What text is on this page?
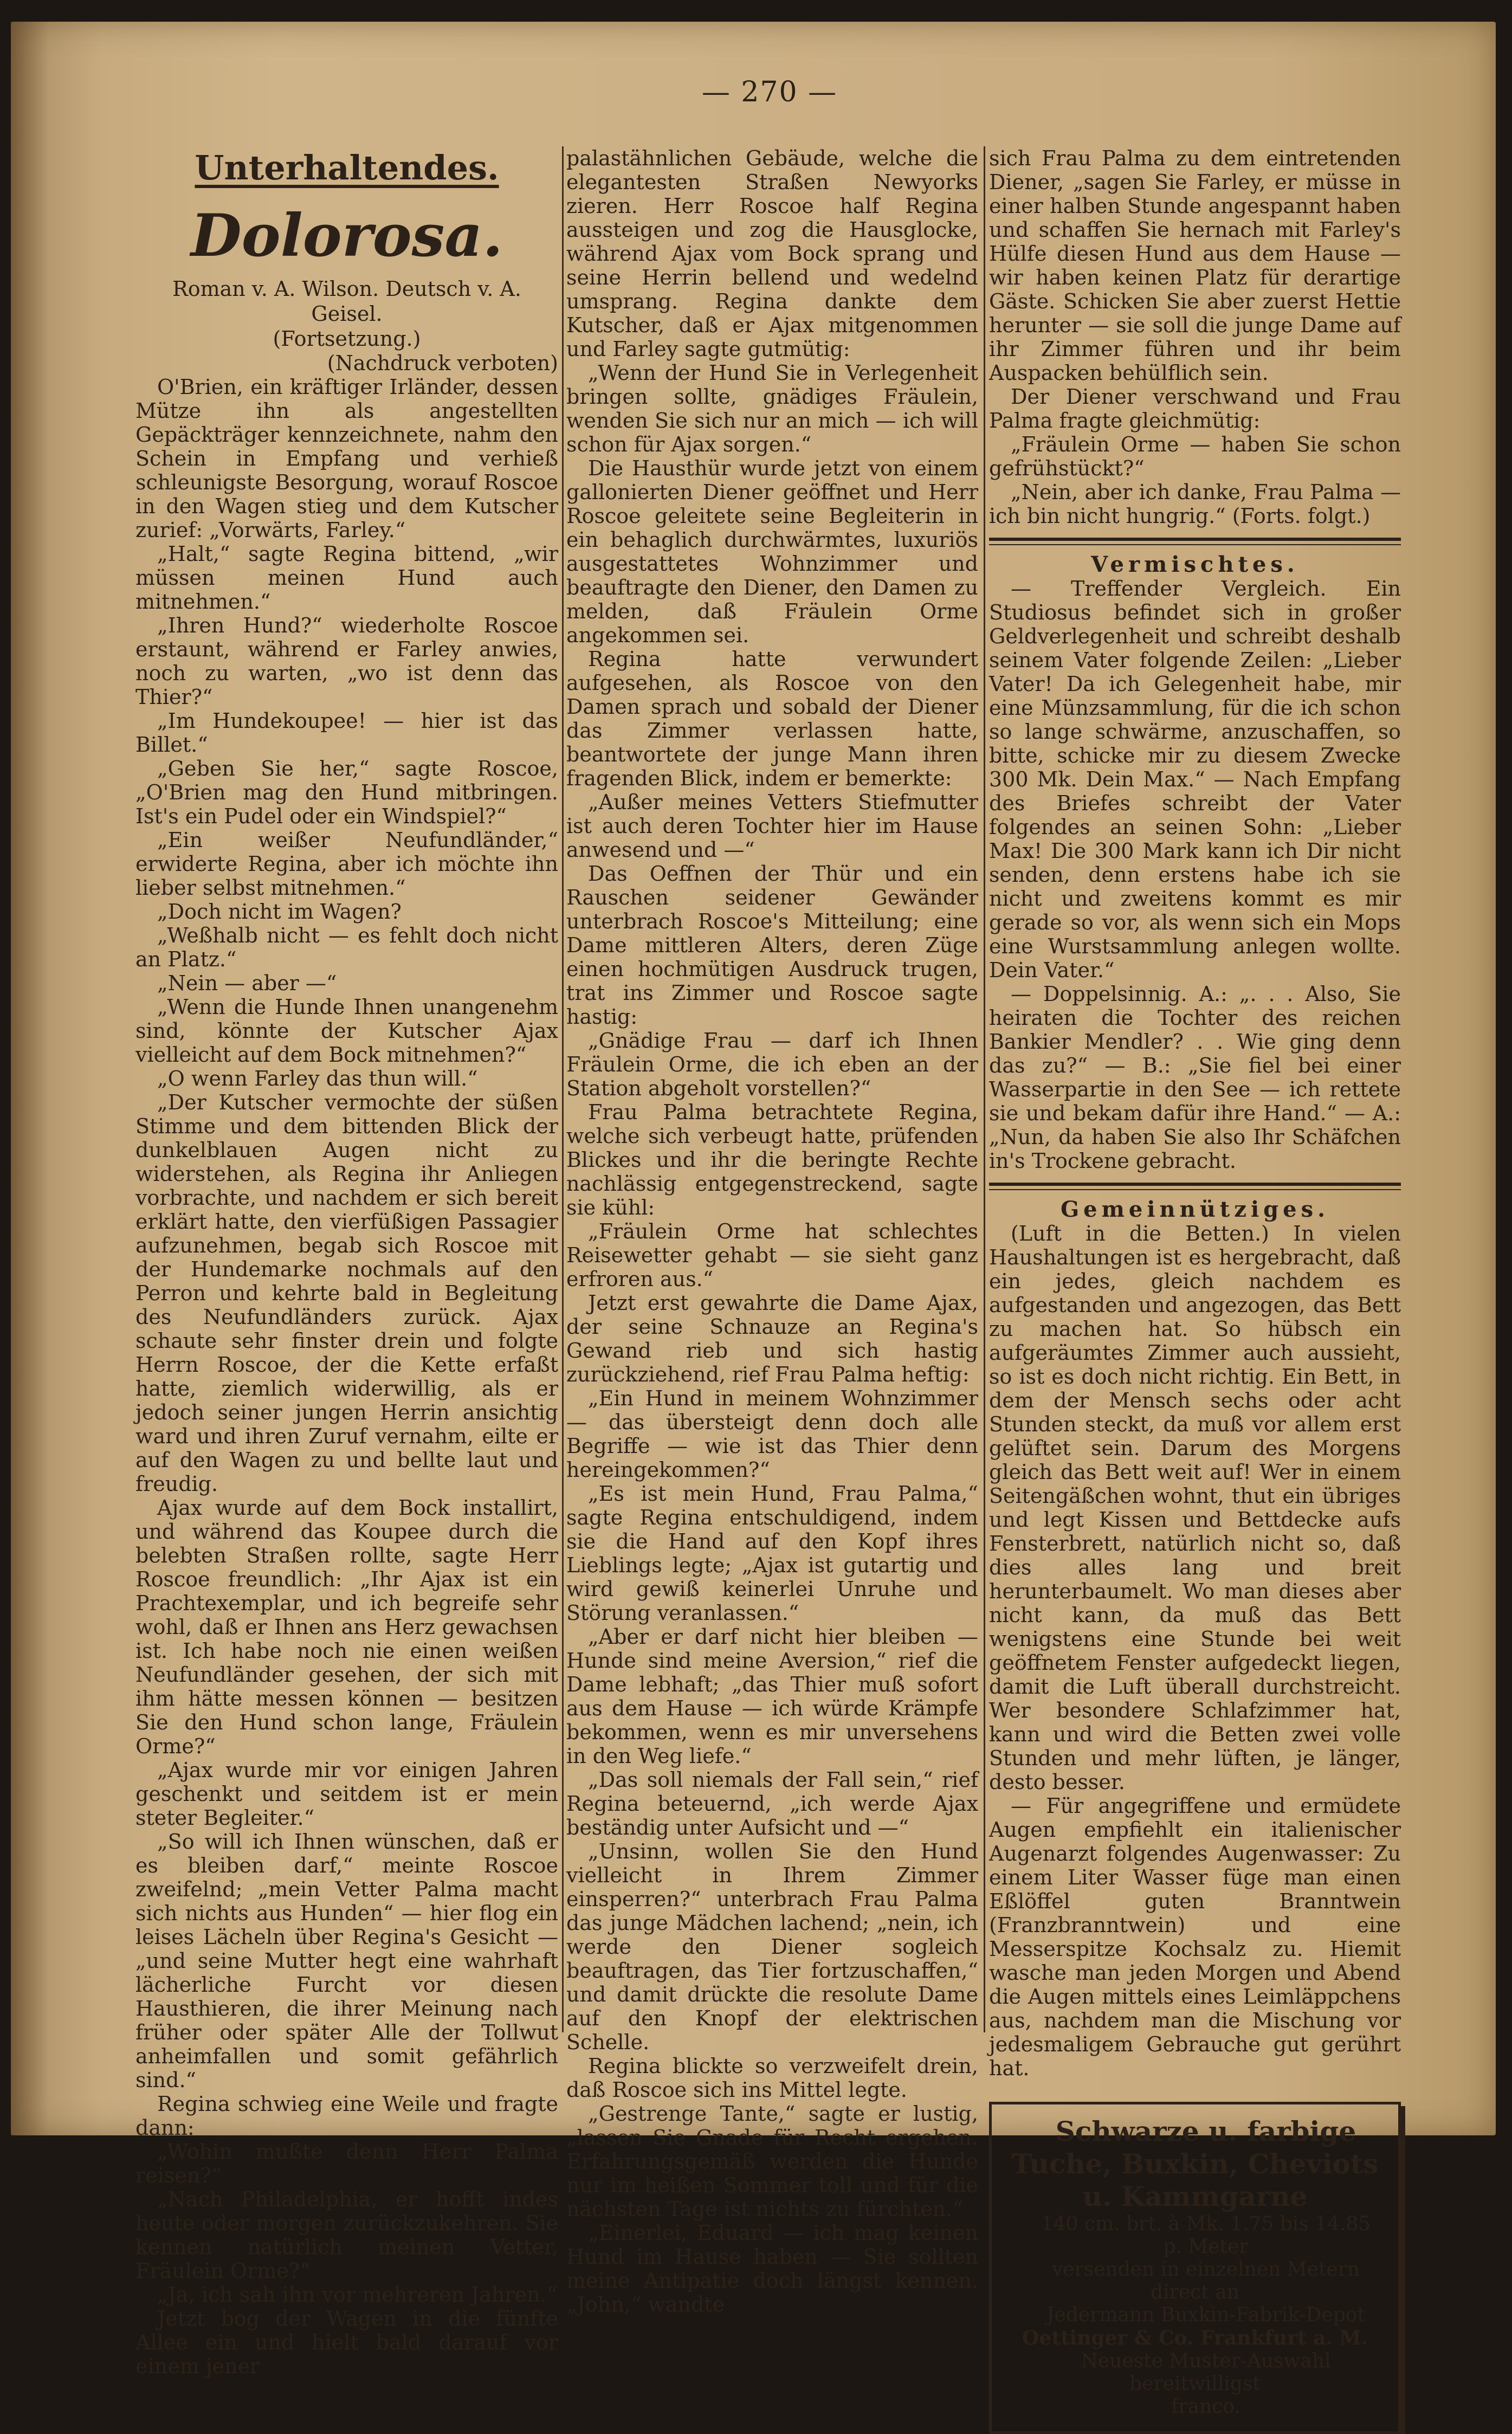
— 270 —
Unterhaltendes.
Dolorosa.
Roman v. A. Wilson. Deutsch v. A. Geisel.
(Fortsetzung.)

(Nachdruck verboten)

O'Brien, ein kräftiger Irländer, dessen Mütze ihn als angestellten Gepäckträger kennzeichnete, nahm den Schein in Empfang und verhieß schleunigste Besorgung, worauf Roscoe in den Wagen stieg und dem Kutscher zurief: „Vorwärts, Farley.“

„Halt,“ sagte Regina bittend, „wir müssen meinen Hund auch mitnehmen.“

„Ihren Hund?“ wiederholte Roscoe erstaunt, während er Farley anwies, noch zu warten, „wo ist denn das Thier?“

„Im Hundekoupee! — hier ist das Billet.“

„Geben Sie her,“ sagte Roscoe, „O'Brien mag den Hund mitbringen. Ist's ein Pudel oder ein Windspiel?“

„Ein weißer Neufundländer,“ erwiderte Regina, aber ich möchte ihn lieber selbst mitnehmen.“

„Doch nicht im Wagen?

„Weßhalb nicht — es fehlt doch nicht an Platz.“

„Nein — aber —“

„Wenn die Hunde Ihnen unangenehm sind, könnte der Kutscher Ajax vielleicht auf dem Bock mitnehmen?“

„O wenn Farley das thun will.“

„Der Kutscher vermochte der süßen Stimme und dem bittenden Blick der dunkelblauen Augen nicht zu widerstehen, als Regina ihr Anliegen vorbrachte, und nachdem er sich bereit erklärt hatte, den vierfüßigen Passagier aufzunehmen, begab sich Roscoe mit der Hundemarke nochmals auf den Perron und kehrte bald in Begleitung des Neufundländers zurück. Ajax schaute sehr finster drein und folgte Herrn Roscoe, der die Kette erfaßt hatte, ziemlich widerwillig, als er jedoch seiner jungen Herrin ansichtig ward und ihren Zuruf vernahm, eilte er auf den Wagen zu und bellte laut und freudig.

Ajax wurde auf dem Bock installirt, und während das Koupee durch die belebten Straßen rollte, sagte Herr Roscoe freundlich: „Ihr Ajax ist ein Prachtexemplar, und ich begreife sehr wohl, daß er Ihnen ans Herz gewachsen ist. Ich habe noch nie einen weißen Neufundländer gesehen, der sich mit ihm hätte messen können — besitzen Sie den Hund schon lange, Fräulein Orme?“

„Ajax wurde mir vor einigen Jahren geschenkt und seitdem ist er mein steter Begleiter.“

„So will ich Ihnen wünschen, daß er es bleiben darf,“ meinte Roscoe zweifelnd; „mein Vetter Palma macht sich nichts aus Hunden“ — hier flog ein leises Lächeln über Regina's Gesicht — „und seine Mutter hegt eine wahrhaft lächerliche Furcht vor diesen Hausthieren, die ihrer Meinung nach früher oder später Alle der Tollwut anheimfallen und somit gefährlich sind.“

Regina schwieg eine Weile und fragte dann:

„Wohin mußte denn Herr Palma reisen?“

„Nach Philadelphia, er hofft indes heute oder morgen zurückzukehren. Sie kennen natürlich meinen Vetter, Fräulein Orme?“

„Ja, ich sah ihn vor mehreren Jahren.“

Jetzt bog der Wagen in die fünfte Allee ein und hielt bald darauf vor einem jener

palastähnlichen Gebäude, welche die elegantesten Straßen Newyorks zieren. Herr Roscoe half Regina aussteigen und zog die Hausglocke, während Ajax vom Bock sprang und seine Herrin bellend und wedelnd umsprang. Regina dankte dem Kutscher, daß er Ajax mitgenommen und Farley sagte gutmütig:

„Wenn der Hund Sie in Verlegenheit bringen sollte, gnädiges Fräulein, wenden Sie sich nur an mich — ich will schon für Ajax sorgen.“

Die Hausthür wurde jetzt von einem gallonierten Diener geöffnet und Herr Roscoe geleitete seine Begleiterin in ein behaglich durchwärmtes, luxuriös ausgestattetes Wohnzimmer und beauftragte den Diener, den Damen zu melden, daß Fräulein Orme angekommen sei.

Regina hatte verwundert aufgesehen, als Roscoe von den Damen sprach und sobald der Diener das Zimmer verlassen hatte, beantwortete der junge Mann ihren fragenden Blick, indem er bemerkte:

„Außer meines Vetters Stiefmutter ist auch deren Tochter hier im Hause anwesend und —“

Das Oeffnen der Thür und ein Rauschen seidener Gewänder unterbrach Roscoe's Mitteilung; eine Dame mittleren Alters, deren Züge einen hochmütigen Ausdruck trugen, trat ins Zimmer und Roscoe sagte hastig:

„Gnädige Frau — darf ich Ihnen Fräulein Orme, die ich eben an der Station abgeholt vorstellen?“

Frau Palma betrachtete Regina, welche sich verbeugt hatte, prüfenden Blickes und ihr die beringte Rechte nachlässig entgegenstreckend, sagte sie kühl:

„Fräulein Orme hat schlechtes Reisewetter gehabt — sie sieht ganz erfroren aus.“

Jetzt erst gewahrte die Dame Ajax, der seine Schnauze an Regina's Gewand rieb und sich hastig zurückziehend, rief Frau Palma heftig:

„Ein Hund in meinem Wohnzimmer — das übersteigt denn doch alle Begriffe — wie ist das Thier denn hereingekommen?“

„Es ist mein Hund, Frau Palma,“ sagte Regina entschuldigend, indem sie die Hand auf den Kopf ihres Lieblings legte; „Ajax ist gutartig und wird gewiß keinerlei Unruhe und Störung veranlassen.“

„Aber er darf nicht hier bleiben — Hunde sind meine Aversion,“ rief die Dame lebhaft; „das Thier muß sofort aus dem Hause — ich würde Krämpfe bekommen, wenn es mir unversehens in den Weg liefe.“

„Das soll niemals der Fall sein,“ rief Regina beteuernd, „ich werde Ajax beständig unter Aufsicht und —“

„Unsinn, wollen Sie den Hund vielleicht in Ihrem Zimmer einsperren?“ unterbrach Frau Palma das junge Mädchen lachend; „nein, ich werde den Diener sogleich beauftragen, das Tier fortzuschaffen,“ und damit drückte die resolute Dame auf den Knopf der elektrischen Schelle.

Regina blickte so verzweifelt drein, daß Roscoe sich ins Mittel legte.

„Gestrenge Tante,“ sagte er lustig, „lassen Sie Gnade für Recht ergehen. Erfahrungsgemäß werden die Hunde nur im heißen Sommer toll und für die nächsten Tage ist nichts zu fürchten.“

„Einerlei, Eduard — ich mag keinen Hund im Hause haben — Sie sollten meine Antipatie doch längst kennen. „John,“ wandte

sich Frau Palma zu dem eintretenden Diener, „sagen Sie Farley, er müsse in einer halben Stunde angespannt haben und schaffen Sie hernach mit Farley's Hülfe diesen Hund aus dem Hause — wir haben keinen Platz für derartige Gäste. Schicken Sie aber zuerst Hettie herunter — sie soll die junge Dame auf ihr Zimmer führen und ihr beim Auspacken behülflich sein.

Der Diener verschwand und Frau Palma fragte gleichmütig:

„Fräulein Orme — haben Sie schon gefrühstückt?“

„Nein, aber ich danke, Frau Palma — ich bin nicht hungrig.“ (Forts. folgt.)

Vermischtes.

— Treffender Vergleich. Ein Studiosus befindet sich in großer Geldverlegenheit und schreibt deshalb seinem Vater folgende Zeilen: „Lieber Vater! Da ich Gelegenheit habe, mir eine Münzsammlung, für die ich schon so lange schwärme, anzuschaffen, so bitte, schicke mir zu diesem Zwecke 300 Mk. Dein Max.“ — Nach Empfang des Briefes schreibt der Vater folgendes an seinen Sohn: „Lieber Max! Die 300 Mark kann ich Dir nicht senden, denn erstens habe ich sie nicht und zweitens kommt es mir gerade so vor, als wenn sich ein Mops eine Wurstsammlung anlegen wollte. Dein Vater.“

— Doppelsinnig. A.: „. . . Also, Sie heiraten die Tochter des reichen Bankier Mendler? . . Wie ging denn das zu?“ — B.: „Sie fiel bei einer Wasserpartie in den See — ich rettete sie und bekam dafür ihre Hand.“ — A.: „Nun, da haben Sie also Ihr Schäfchen in's Trockene gebracht.

Gemeinnütziges.

(Luft in die Betten.) In vielen Haushaltungen ist es hergebracht, daß ein jedes, gleich nachdem es aufgestanden und angezogen, das Bett zu machen hat. So hübsch ein aufgeräumtes Zimmer auch aussieht, so ist es doch nicht richtig. Ein Bett, in dem der Mensch sechs oder acht Stunden steckt, da muß vor allem erst gelüftet sein. Darum des Morgens gleich das Bett weit auf! Wer in einem Seitengäßchen wohnt, thut ein übriges und legt Kissen und Bettdecke aufs Fensterbrett, natürlich nicht so, daß dies alles lang und breit herunterbaumelt. Wo man dieses aber nicht kann, da muß das Bett wenigstens eine Stunde bei weit geöffnetem Fenster aufgedeckt liegen, damit die Luft überall durchstreicht. Wer besondere Schlafzimmer hat, kann und wird die Betten zwei volle Stunden und mehr lüften, je länger, desto besser.

— Für angegriffene und ermüdete Augen empfiehlt ein italienischer Augenarzt folgendes Augenwasser: Zu einem Liter Wasser füge man einen Eßlöffel guten Branntwein (Franzbranntwein) und eine Messerspitze Kochsalz zu. Hiemit wasche man jeden Morgen und Abend die Augen mittels eines Leimläppchens aus, nachdem man die Mischung vor jedesmaligem Gebrauche gut gerührt hat.

Schwarze u. farbige Tuche, Buxkin, Cheviots u. Kammgarne

140 cm. brt. à Mk. 1.75 bis 14.85

p. Meter

versenden in einzelnen Metern direct an

Jedermann Buxkin-Fabrik-Depot Oettinger & Co. Frankfurt a. M.

Neueste Muster-Auswahl bereitwilligst

franco.
